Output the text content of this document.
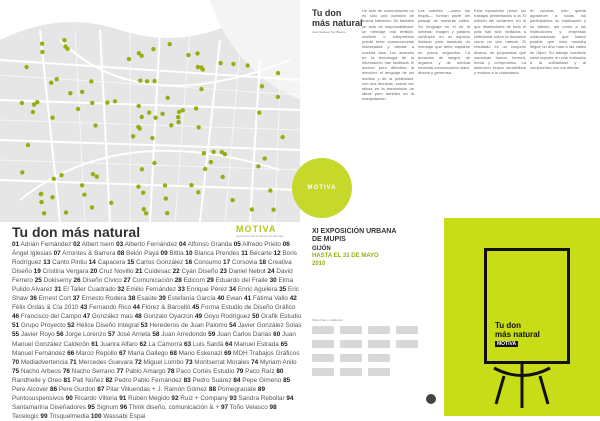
MOTIVA
Tu don
más natural
Juan Solares Paz Blanco
Un acto de comunicación no es sólo una cuestión de buena intención. Es también un acto de responsabilidad: un mensaje mal emitido, recibido o interpretado puede tener consecuencias indeseadas y afectar a nuestra vida. Los avances en la tecnología de la información han facilitado el acceso pero dificultan la elección; el lenguaje de los medios y de la publicidad, con sus técnicas, puede ser eficaz en la transmisión de ideas pero también en la manipulación.
Los carteles —como los mupis— forman parte del paisaje de nuestras calles. Su lenguaje es el de la síntesis: imagen y palabra confluyen en un espacio limitado para trasladar un mensaje que debe captarse en pocos segundos. La donación de sangre, de órganos y de médula necesita comunicación clara, directa y generosa.
Esta exposición reúne los trabajos presentados a la XI edición del certamen, en la que diseñadores de todo el país han sido invitados a reflexionar sobre la donación como un don natural. El resultado es un conjunto diverso de propuestas que combinan humor, ternura, ironía y compromiso. La selección busca sensibilizar y motivar a la ciudadanía.
Al concluir, sólo queda agradecer a todos los participantes su implicación y su talento, así como a las instituciones y empresas colaboradoras que hacen posible que esta muestra llegue un año más a las calles de Gijón. Su trabajo convierte cada soporte en una invitación a la solidaridad y al compromiso con los demás.
Tu don más natural	MOTIVA
Asociación de donantes de Asturias
01 Adrián Fernández 02 Albert Isern 03 Alberto Fernández 04 Alfonso Granda 05 Alfredo Prieto 06 Ángel Iglesias 07 Arrontes & Barrera 08 Belón Payá 09 Bittia 10 Blanca Prendes 11 Bécarte 12 Boris Rodríguez 13 Canto Pintiu 14 Capacera 15 Carlos González 16 Consumo 17 Corsovia 18 Creativa Diseño 19 Cristina Vergara 20 Cruz Novillo 21 Cuidesac 22 Cyan Diseño 23 Daniel Nebot 24 David Ferrero 25 Dokisemy 26 Diseño Cívico 27 Comunicación 28 Edicom 29 Eduardo del Fraile 30 Elma Pulido Alvarez 31 El Taller Cuadrado 32 Emilio Fernández 33 Enrique Pérez 34 Enric Aguilera 35 Eric Shaw 36 Ernest Cort 37 Ernesto Rodera 38 Esaúte 39 Estefanía García 40 Ewan 41 Fátima Vallo 42 Félix Ordás & Cía 2010 43 Fernando Rico 44 Flórez & Barcelló 45 Forma Estudio de Diseño Gráfico 46 Francisco del Campo 47 González mas 48 Gonzalo Oyarzún 49 Goyo Rodríguez 50 Grafik Estudio 51 Grupo Proyecto 52 Hélice Diseño Integral 53 Herederos de Juan Palomo 54 Javier González Solas 55 Javier Royo 56 Jorge Lorenzo 57 José Arrieta 58 Juan Arredondo 59 Juan Carlos Darias 60 Juan Manuel González Calderón 61 Juanra Alfaro 62 La Camorra 63 Luis Sardá 64 Manuel Estrada 65 Manuel Fernández 66 Marco Repollo 67 María Gallego 68 Mario Eskenazi 69 MDH Trabajos Gráficos 70 Mediadvertencia 71 Mercedes Guevara 72 Miguel Lombo 73 Montserrat Morales 74 Myriam Anilo 75 Nacho Arbeos 76 Nacho Serrano 77 Pablo Amargo 78 Paco Cortés Estudio 79 Paco Raíz 80 Randhelle y Oreo 81 Pati Núñez 82 Pedro Pablo Fernández 83 Pedro Suárez 84 Pepe Gimeno 85 Pere Alcover 86 Pere Gurdon 87 Pilar Villuendas + J. Ramón Gómez 88 Pomegranate 89 Puntosuspensivos 90 Ricardo Villoria 91 Rubén Megido 92 Ruiz + Company 93 Sandra Rebollar 94 Santamarina Diseñadores 95 Signum 96 Think diseño, comunicación & + 97 Toño Velasco 98 Tecelogic 99 Trisquelmedia 100 Wassabi Espai
XI EXPOSICIÓN URBANA
DE MUPIS
GIJÓN
HASTA EL 31 DE MAYO
2010
Patrocinan y colaboran
Tu don
más natural
MOTIVA
